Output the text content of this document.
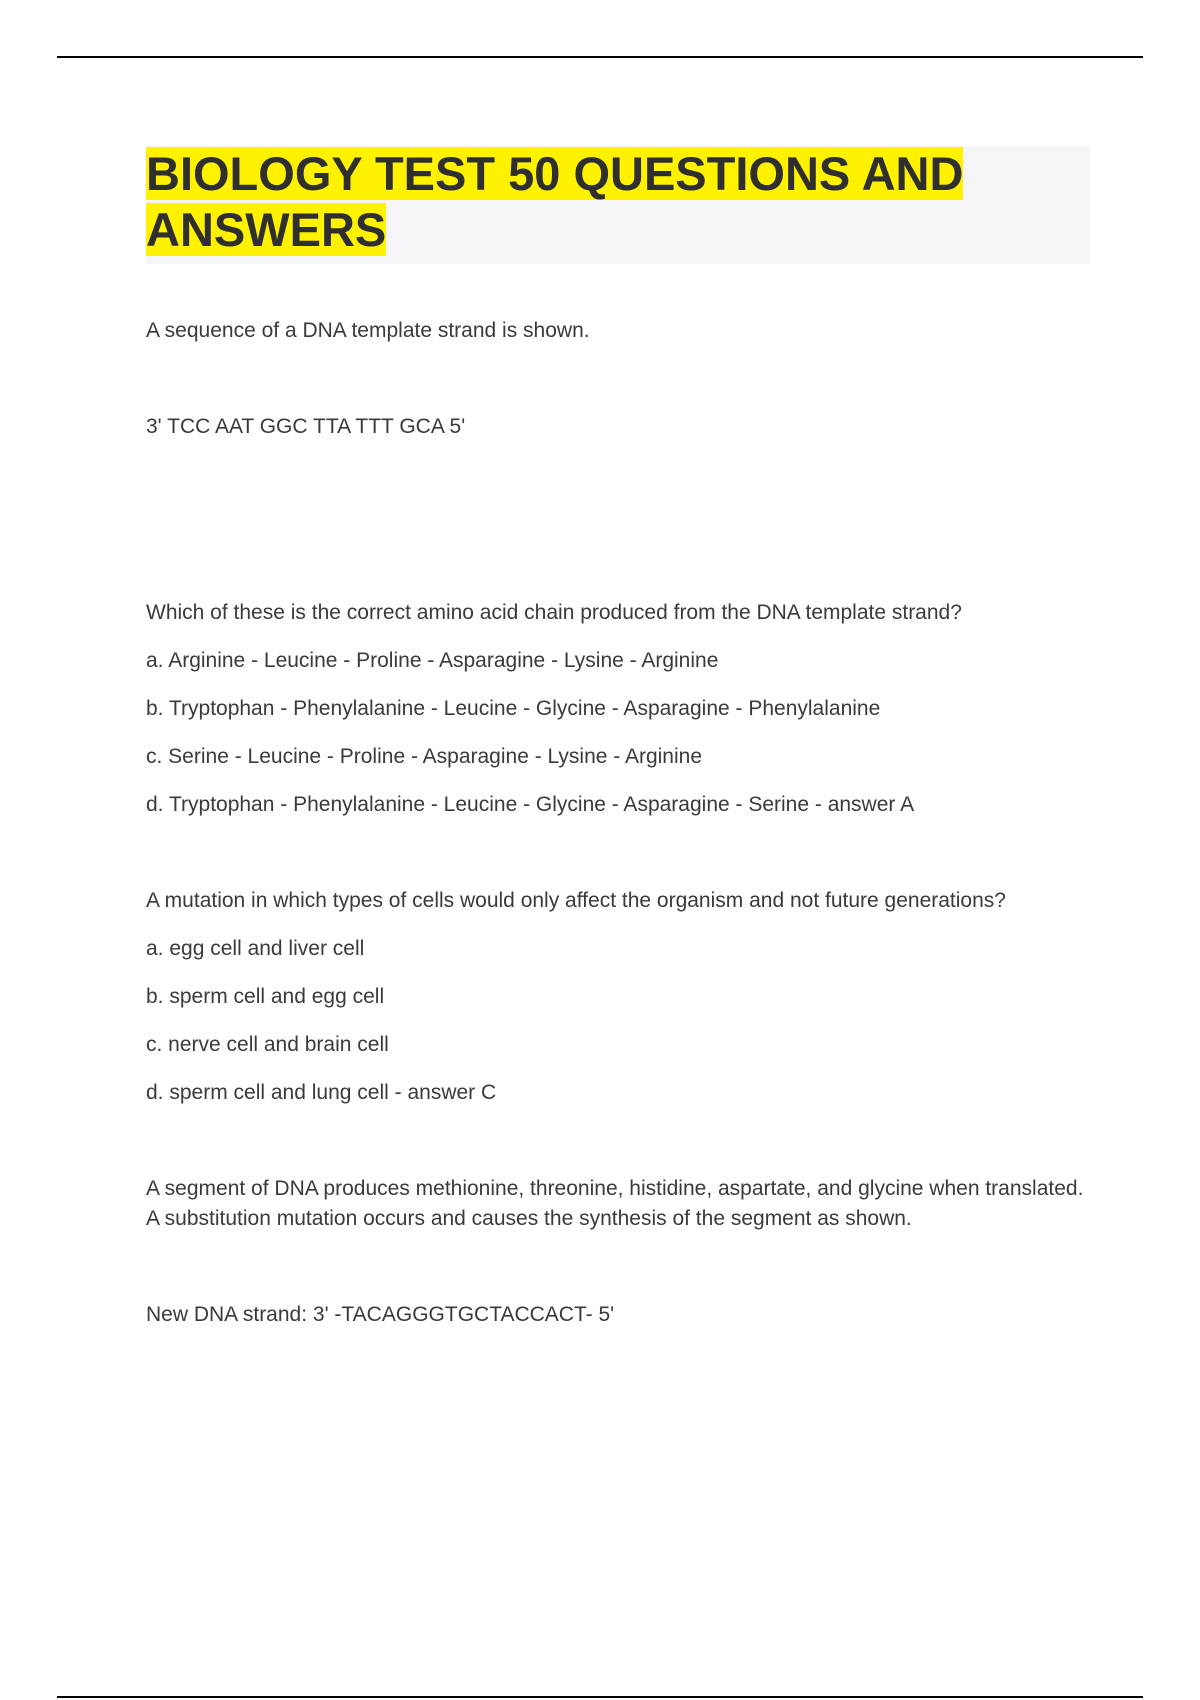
BIOLOGY TEST 50 QUESTIONS AND
ANSWERS

A sequence of a DNA template strand is shown.

3' TCC AAT GGC TTA TTT GCA 5'

Which of these is the correct amino acid chain produced from the DNA template strand?

a. Arginine - Leucine - Proline - Asparagine - Lysine - Arginine

b. Tryptophan - Phenylalanine - Leucine - Glycine - Asparagine - Phenylalanine

c. Serine - Leucine - Proline - Asparagine - Lysine - Arginine

d. Tryptophan - Phenylalanine - Leucine - Glycine - Asparagine - Serine - answer A

A mutation in which types of cells would only affect the organism and not future generations?

a. egg cell and liver cell

b. sperm cell and egg cell

c. nerve cell and brain cell

d. sperm cell and lung cell - answer C

A segment of DNA produces methionine, threonine, histidine, aspartate, and glycine when translated. A substitution mutation occurs and causes the synthesis of the segment as shown.

New DNA strand: 3' -TACAGGGTGCTACCACT- 5'
